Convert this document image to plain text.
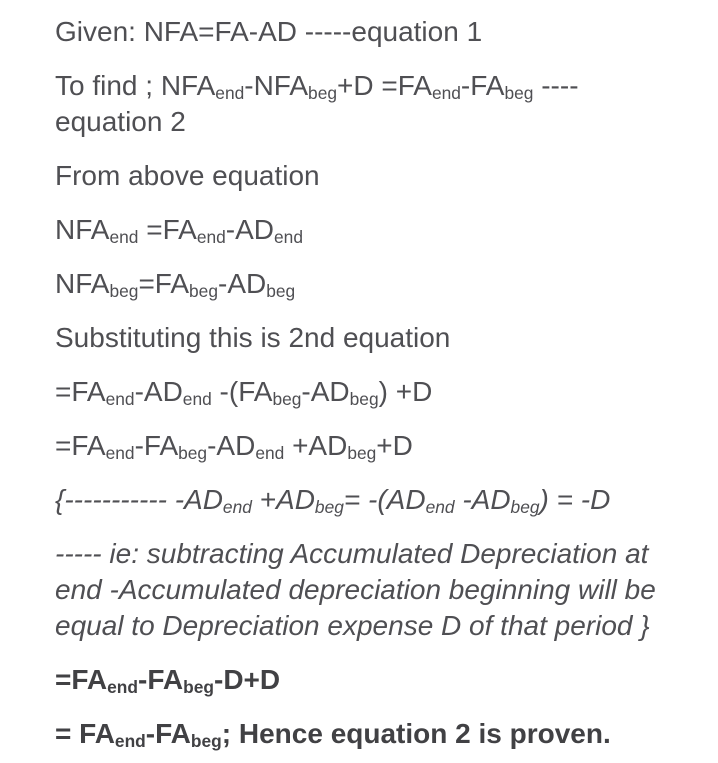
Given: NFA=FA-AD -----equation 1

To find ; $NFA_{end}-NFA_{beg}+D =FA_{end}-FA_{beg}$ ----
equation 2

From above equation

$NFA_{end} =FA_{end}-AD_{end}$

$NFA_{beg}=FA_{beg}-AD_{beg}$

Substituting this is 2nd equation

$=FA_{end}-AD_{end}$ $-(FA_{beg}-AD_{beg}) +D$

$=FA_{end}-FA_{beg}-AD_{end} +AD_{beg}+D$

{----------- $-AD_{end} +AD_{beg}= -(AD_{end}$ $-AD_{beg}) = -D$

----- ie: subtracting Accumulated Depreciation at
end -Accumulated depreciation beginning will be
equal to Depreciation expense D of that period }

$=FA_{end}-FA_{beg}-D+D$

= $FA_{end}-FA_{beg}$; Hence equation 2 is proven.
